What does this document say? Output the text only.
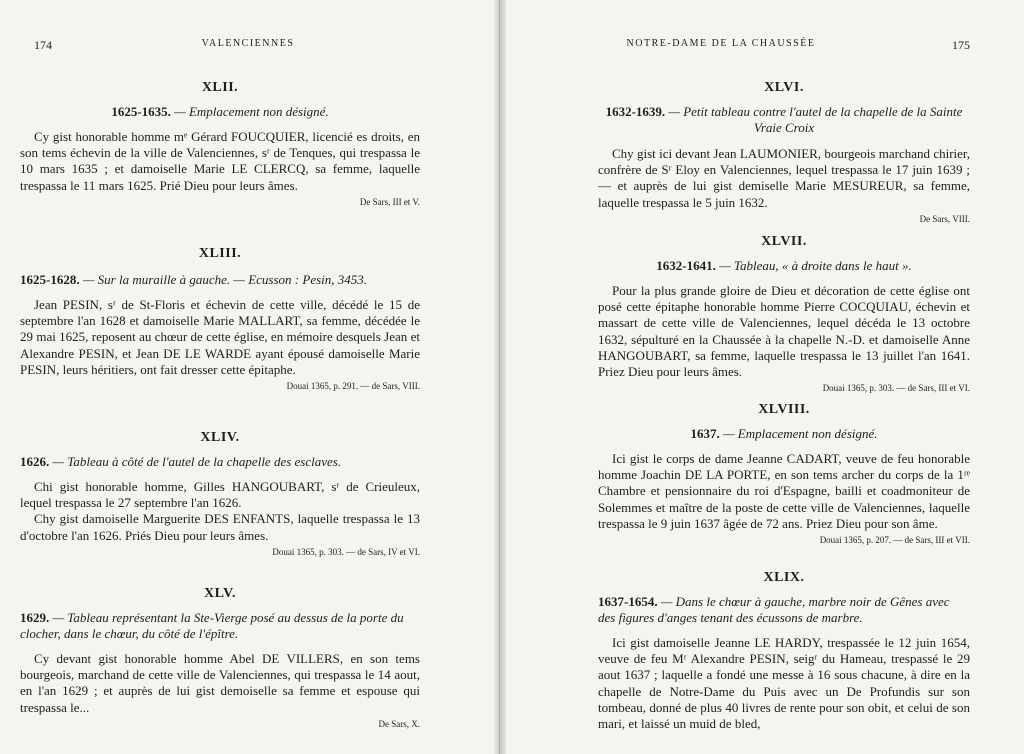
174	VALENCIENNES

XLII.

1625-1635. — Emplacement non désigné.

Cy gist honorable homme mᵉ Gérard FOUCQUIER, licencié es droits, en son tems échevin de la ville de Valenciennes, sʳ de Tenques, qui trespassa le 10 mars 1635 ; et damoiselle Marie LE CLERCQ, sa femme, laquelle trespassa le 11 mars 1625. Prié Dieu pour leurs âmes.

De Sars, III et V.

XLIII.

1625-1628. — Sur la muraille à gauche. — Ecusson : Pesin, 3453.

Jean PESIN, sʳ de St-Floris et échevin de cette ville, décédé le 15 de septembre l'an 1628 et damoiselle Marie MALLART, sa femme, décédée le 29 mai 1625, reposent au chœur de cette église, en mémoire desquels Jean et Alexandre PESIN, et Jean DE LE WARDE ayant épousé damoiselle Marie PESIN, leurs héritiers, ont fait dresser cette épitaphe.

Douai 1365, p. 291. — de Sars, VIII.

XLIV.

1626. — Tableau à côté de l'autel de la chapelle des esclaves.

Chi gist honorable homme, Gilles HANGOUBART, sʳ de Crieuleux, lequel trespassa le 27 septembre l'an 1626.

Chy gist damoiselle Marguerite DES ENFANTS, laquelle trespassa le 13 d'octobre l'an 1626. Priés Dieu pour leurs âmes.

Douai 1365, p. 303. — de Sars, IV et VI.

XLV.

1629. — Tableau représentant la Ste-Vierge posé au dessus de la porte du clocher, dans le chœur, du côté de l'épître.

Cy devant gist honorable homme Abel DE VILLERS, en son tems bourgeois, marchand de cette ville de Valenciennes, qui trespassa le 14 aout, en l'an 1629 ; et auprès de lui gist demoiselle sa femme et espouse qui trespassa le...

De Sars, X.

NOTRE-DAME DE LA CHAUSSÉE	175

XLVI.

1632-1639. — Petit tableau contre l'autel de la chapelle de la Sainte Vraie Croix

Chy gist ici devant Jean LAUMONIER, bourgeois marchand chirier, confrère de Sʳ Eloy en Valenciennes, lequel trespassa le 17 juin 1639 ; — et auprès de lui gist demiselle Marie MESUREUR, sa femme, laquelle trespassa le 5 juin 1632.

De Sars, VIII.

XLVII.

1632-1641. — Tableau, « à droite dans le haut ».

Pour la plus grande gloire de Dieu et décoration de cette église ont posé cette épitaphe honorable homme Pierre COCQUIAU, échevin et massart de cette ville de Valenciennes, lequel décéda le 13 octobre 1632, sépulturé en la Chaussée à la chapelle N.-D. et damoiselle Anne HANGOUBART, sa femme, laquelle trespassa le 13 juillet l'an 1641. Priez Dieu pour leurs âmes.

Douai 1365, p. 303. — de Sars, III et VI.

XLVIII.

1637. — Emplacement non désigné.

Ici gist le corps de dame Jeanne CADART, veuve de feu honorable homme Joachin DE LA PORTE, en son tems archer du corps de la 1ʳᵉ Chambre et pensionnaire du roi d'Espagne, bailli et coadmoniteur de Solemmes et maître de la poste de cette ville de Valenciennes, laquelle trespassa le 9 juin 1637 âgée de 72 ans. Priez Dieu pour son âme.

Douai 1365, p. 207. — de Sars, III et VII.

XLIX.

1637-1654. — Dans le chœur à gauche, marbre noir de Gênes avec des figures d'anges tenant des écussons de marbre.

Ici gist damoiselle Jeanne LE HARDY, trespassée le 12 juin 1654, veuve de feu Mʳ Alexandre PESIN, seigʳ du Hameau, trespassé le 29 aout 1637 ; laquelle a fondé une messe à 16 sous chacune, à dire en la chapelle de Notre-Dame du Puis avec un De Profundis sur son tombeau, donné de plus 40 livres de rente pour son obit, et celui de son mari, et laissé un muid de bled,
